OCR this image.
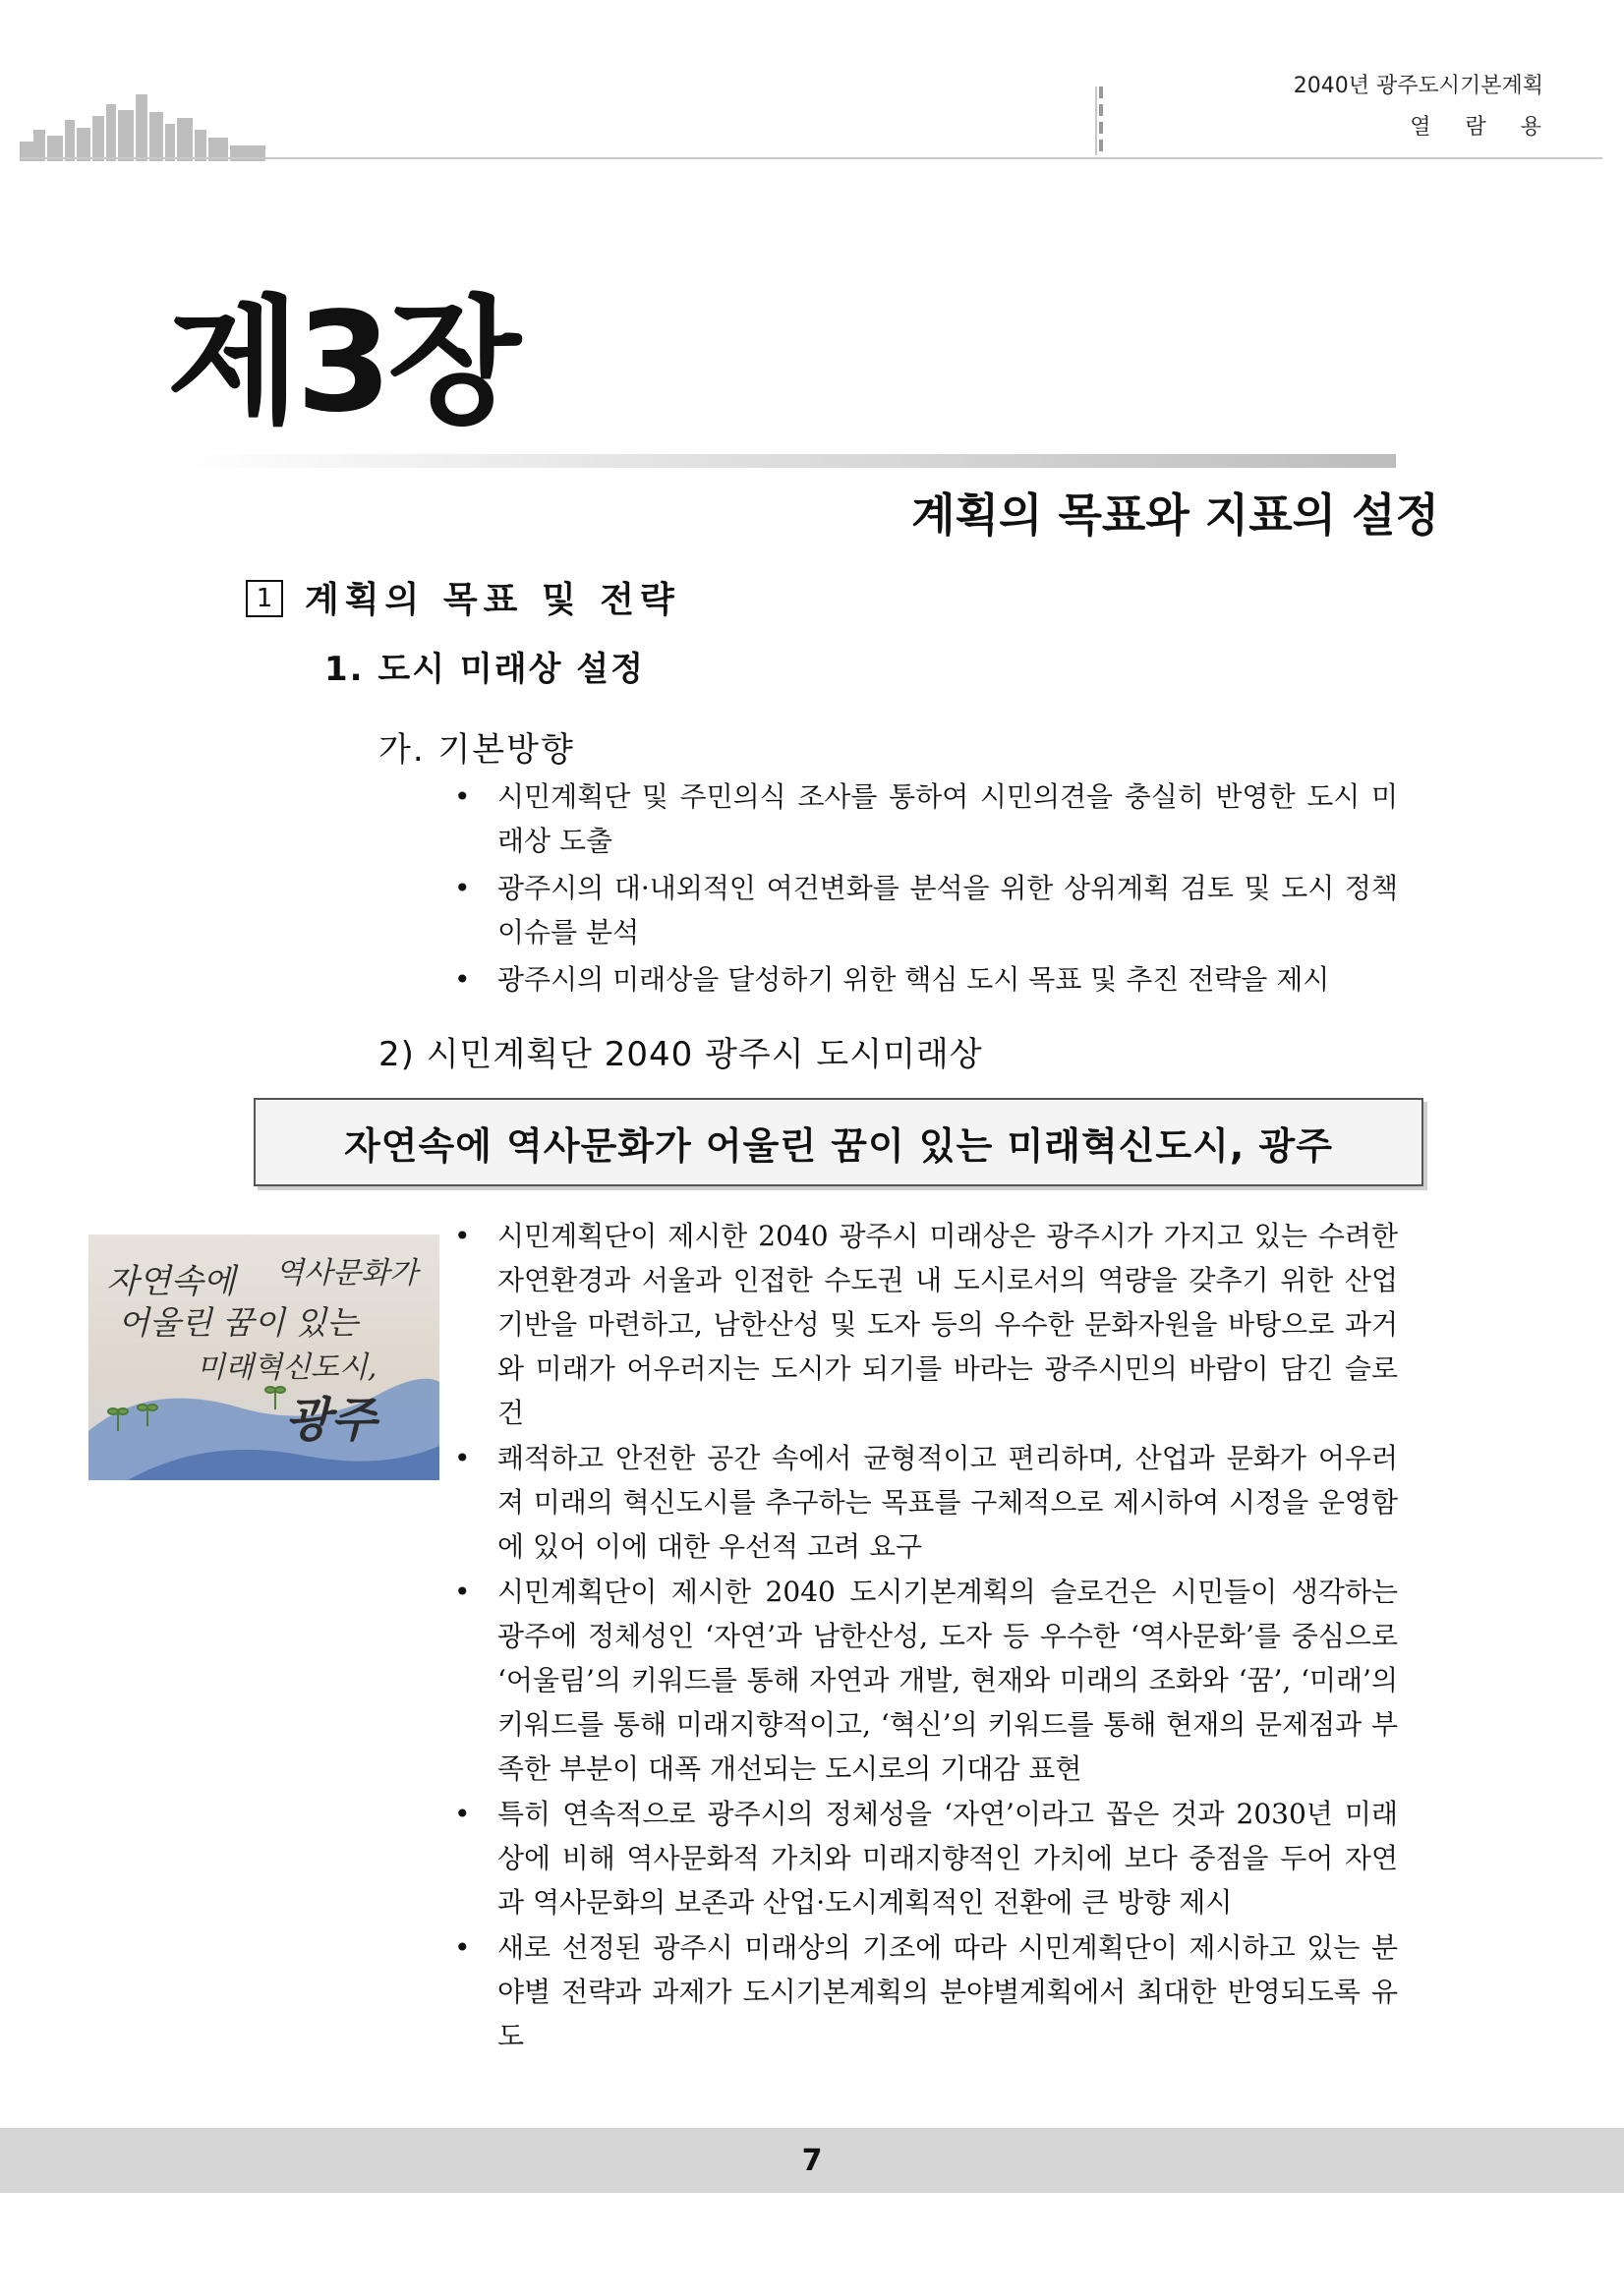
2040년 광주도시기본계획
열 람 용
제3장
계획의 목표와 지표의 설정
1 계획의 목표 및 전략
1. 도시 미래상 설정
가. 기본방향
• 시민계획단 및 주민의식 조사를 통하여 시민의견을 충실히 반영한 도시 미래상 도출
• 광주시의 대·내외적인 여건변화를 분석을 위한 상위계획 검토 및 도시 정책 이슈를 분석
• 광주시의 미래상을 달성하기 위한 핵심 도시 목표 및 추진 전략을 제시
2) 시민계획단 2040 광주시 도시미래상
자연속에 역사문화가 어울린 꿈이 있는 미래혁신도시, 광주
자연속에 역사문화가
어울린 꿈이 있는
미래혁신도시,
광주
• 시민계획단이 제시한 2040 광주시 미래상은 광주시가 가지고 있는 수려한 자연환경과 서울과 인접한 수도권 내 도시로서의 역량을 갖추기 위한 산업 기반을 마련하고, 남한산성 및 도자 등의 우수한 문화자원을 바탕으로 과거와 미래가 어우러지는 도시가 되기를 바라는 광주시민의 바람이 담긴 슬로건
• 쾌적하고 안전한 공간 속에서 균형적이고 편리하며, 산업과 문화가 어우러져 미래의 혁신도시를 추구하는 목표를 구체적으로 제시하여 시정을 운영함에 있어 이에 대한 우선적 고려 요구
• 시민계획단이 제시한 2040 도시기본계획의 슬로건은 시민들이 생각하는 광주에 정체성인 ‘자연’과 남한산성, 도자 등 우수한 ‘역사문화’를 중심으로 ‘어울림’의 키워드를 통해 자연과 개발, 현재와 미래의 조화와 ‘꿈’, ‘미래’의 키워드를 통해 미래지향적이고, ‘혁신’의 키워드를 통해 현재의 문제점과 부족한 부분이 대폭 개선되는 도시로의 기대감 표현
• 특히 연속적으로 광주시의 정체성을 ‘자연’이라고 꼽은 것과 2030년 미래상에 비해 역사문화적 가치와 미래지향적인 가치에 보다 중점을 두어 자연과 역사문화의 보존과 산업·도시계획적인 전환에 큰 방향 제시
• 새로 선정된 광주시 미래상의 기조에 따라 시민계획단이 제시하고 있는 분야별 전략과 과제가 도시기본계획의 분야별계획에서 최대한 반영되도록 유도
7
